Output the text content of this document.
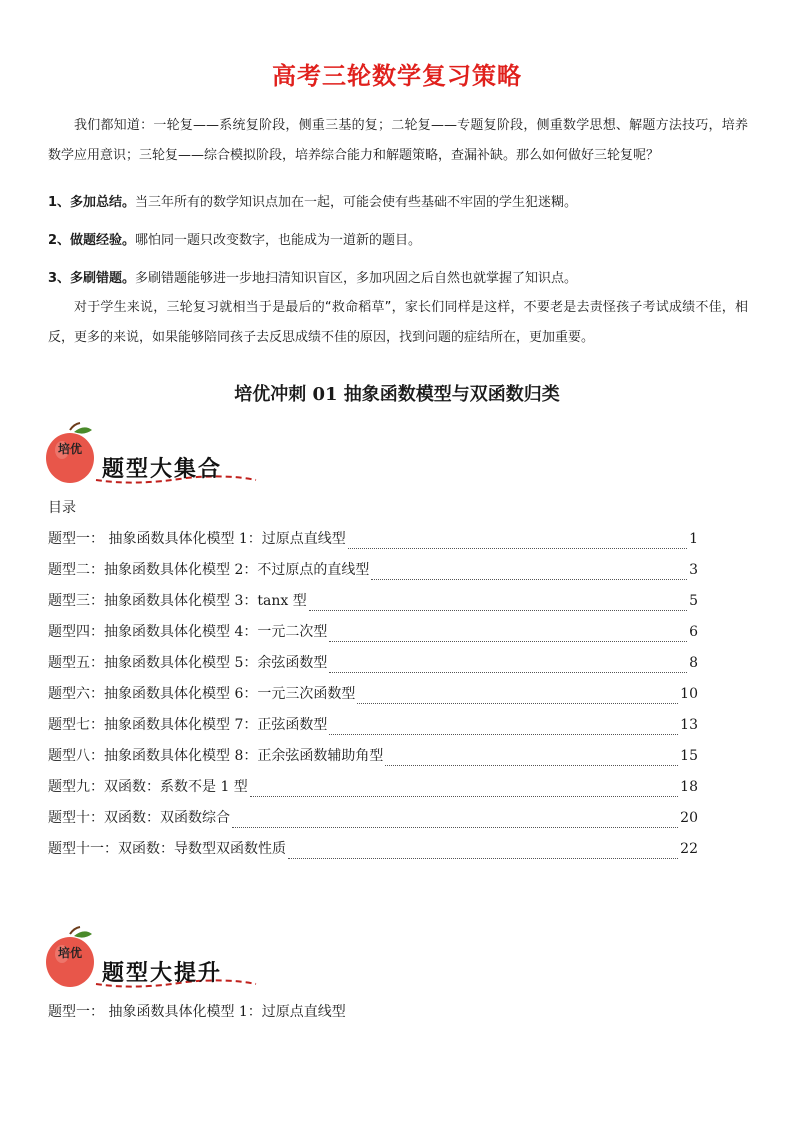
高考三轮数学复习策略
我们都知道：一轮复——系统复阶段，侧重三基的复；二轮复——专题复阶段，侧重数学思想、解题方法技巧，培养数学应用意识；三轮复——综合模拟阶段，培养综合能力和解题策略，查漏补缺。那么如何做好三轮复呢？
1、多加总结。当三年所有的数学知识点加在一起，可能会使有些基础不牢固的学生犯迷糊。
2、做题经验。哪怕同一题只改变数字，也能成为一道新的题目。
3、多刷错题。多刷错题能够进一步地扫清知识盲区，多加巩固之后自然也就掌握了知识点。
对于学生来说，三轮复习就相当于是最后的“救命稻草”，家长们同样是这样，不要老是去责怪孩子考试成绩不佳，相反，更多的来说，如果能够陪同孩子去反思成绩不佳的原因，找到问题的症结所在，更加重要。
培优冲刺 01 抽象函数模型与双函数归类
培优
题型大集合
目录
题型一： 抽象函数具体化模型 1：过原点直线型	1
题型二：抽象函数具体化模型 2：不过原点的直线型	3
题型三：抽象函数具体化模型 3：tanx 型	5
题型四：抽象函数具体化模型 4：一元二次型	6
题型五：抽象函数具体化模型 5：余弦函数型	8
题型六：抽象函数具体化模型 6：一元三次函数型	10
题型七：抽象函数具体化模型 7：正弦函数型	13
题型八：抽象函数具体化模型 8：正余弦函数辅助角型	15
题型九：双函数：系数不是 1 型	18
题型十：双函数：双函数综合	20
题型十一：双函数：导数型双函数性质	22
培优
题型大提升
题型一： 抽象函数具体化模型 1：过原点直线型
